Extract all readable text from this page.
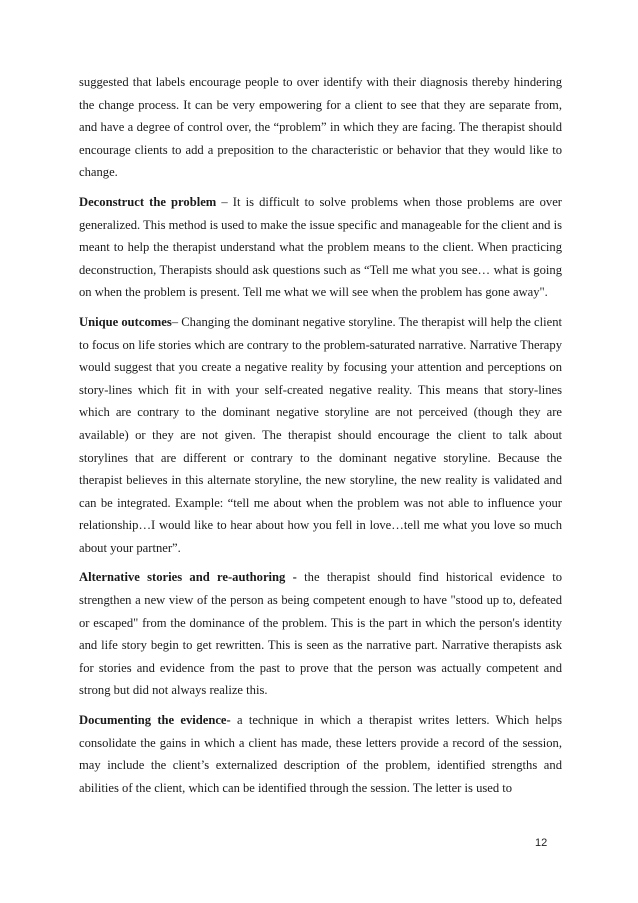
suggested that labels encourage people to over identify with their diagnosis thereby hindering the change process. It can be very empowering for a client to see that they are separate from, and have a degree of control over, the “problem” in which they are facing. The therapist should encourage clients to add a preposition to the characteristic or behavior that they would like to change.

Deconstruct the problem – It is difficult to solve problems when those problems are over generalized. This method is used to make the issue specific and manageable for the client and is meant to help the therapist understand what the problem means to the client. When practicing deconstruction, Therapists should ask questions such as “Tell me what you see… what is going on when the problem is present. Tell me what we will see when the problem has gone away".

Unique outcomes– Changing the dominant negative storyline. The therapist will help the client to focus on life stories which are contrary to the problem-saturated narrative. Narrative Therapy would suggest that you create a negative reality by focusing your attention and perceptions on story-lines which fit in with your self-created negative reality. This means that story-lines which are contrary to the dominant negative storyline are not perceived (though they are available) or they are not given. The therapist should encourage the client to talk about storylines that are different or contrary to the dominant negative storyline. Because the therapist believes in this alternate storyline, the new storyline, the new reality is validated and can be integrated. Example: “tell me about when the problem was not able to influence your relationship…I would like to hear about how you fell in love…tell me what you love so much about your partner”.

Alternative stories and re-authoring - the therapist should find historical evidence to strengthen a new view of the person as being competent enough to have "stood up to, defeated or escaped" from the dominance of the problem. This is the part in which the person's identity and life story begin to get rewritten. This is seen as the narrative part. Narrative therapists ask for stories and evidence from the past to prove that the person was actually competent and strong but did not always realize this.

Documenting the evidence- a technique in which a therapist writes letters. Which helps consolidate the gains in which a client has made, these letters provide a record of the session, may include the client’s externalized description of the problem, identified strengths and abilities of the client, which can be identified through the session. The letter is used to

12
